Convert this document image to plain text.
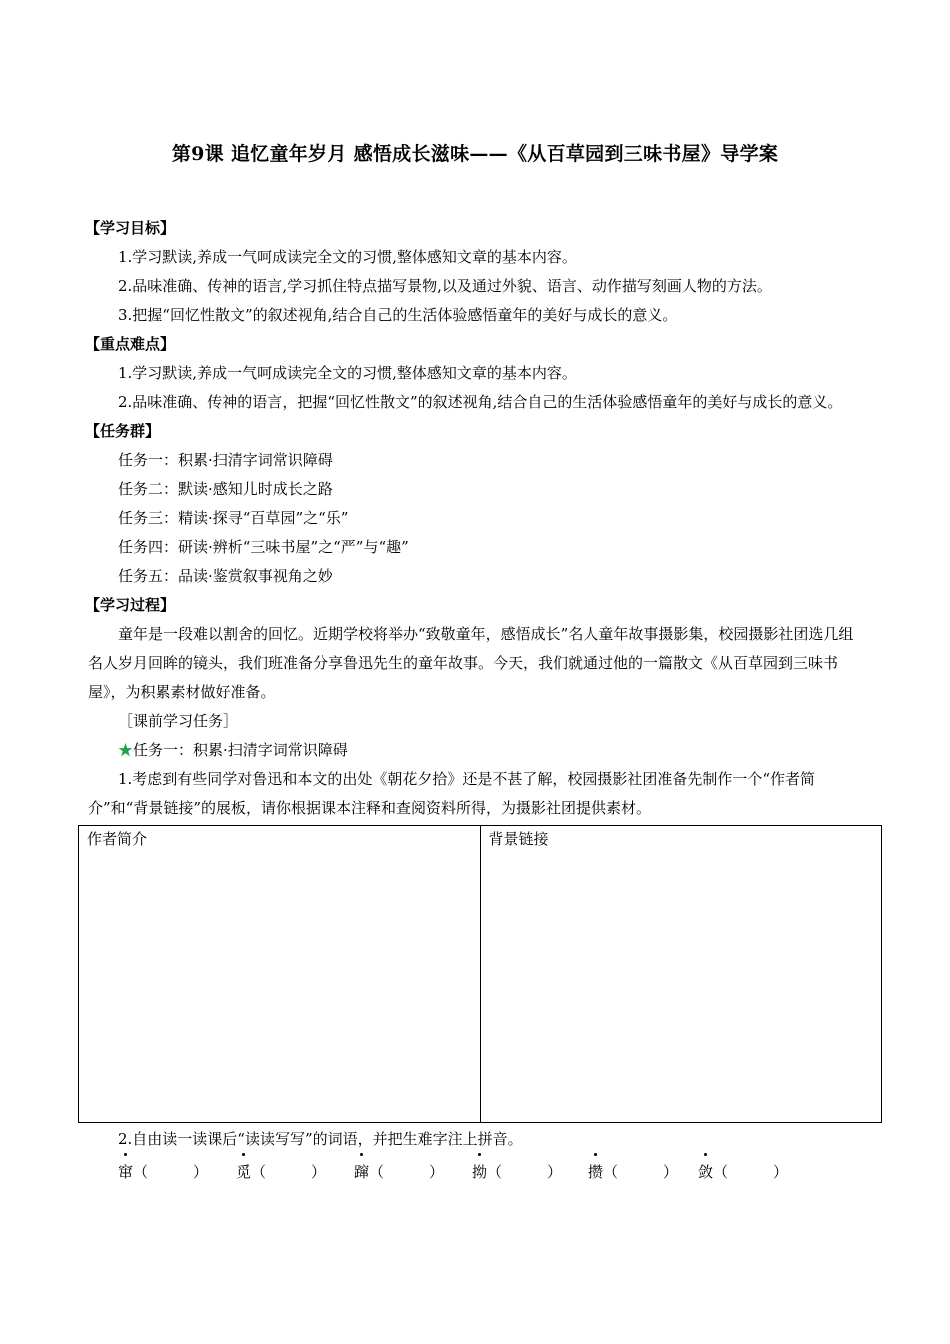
第9课 追忆童年岁月 感悟成长滋味——《从百草园到三味书屋》导学案

【学习目标】

1.学习默读,养成一气呵成读完全文的习惯,整体感知文章的基本内容。

2.品味准确、传神的语言,学习抓住特点描写景物,以及通过外貌、语言、动作描写刻画人物的方法。

3.把握“回忆性散文”的叙述视角,结合自己的生活体验感悟童年的美好与成长的意义。

【重点难点】

1.学习默读,养成一气呵成读完全文的习惯,整体感知文章的基本内容。

2.品味准确、传神的语言，把握“回忆性散文”的叙述视角,结合自己的生活体验感悟童年的美好与成长的意义。

【任务群】

任务一：积累·扫清字词常识障碍

任务二：默读·感知儿时成长之路

任务三：精读·探寻“百草园”之“乐”

任务四：研读·辨析“三味书屋”之“严”与“趣”

任务五：品读·鉴赏叙事视角之妙

【学习过程】

童年是一段难以割舍的回忆。近期学校将举办“致敬童年，感悟成长”名人童年故事摄影集，校园摄影社团选几组名人岁月回眸的镜头，我们班准备分享鲁迅先生的童年故事。今天，我们就通过他的一篇散文《从百草园到三味书屋》，为积累素材做好准备。

［课前学习任务］

★任务一：积累·扫清字词常识障碍

1.考虑到有些同学对鲁迅和本文的出处《朝花夕拾》还是不甚了解，校园摄影社团准备先制作一个“作者简介”和“背景链接”的展板，请你根据课本注释和查阅资料所得，为摄影社团提供素材。

作者简介	背景链接

2.自由读一读课后“读读写写”的词语，并把生难字注上拼音。

窜（　　　） 觅（　　　） 蹿（　　　） 拗（　　　） 攒（　　　） 敛（　　　）
